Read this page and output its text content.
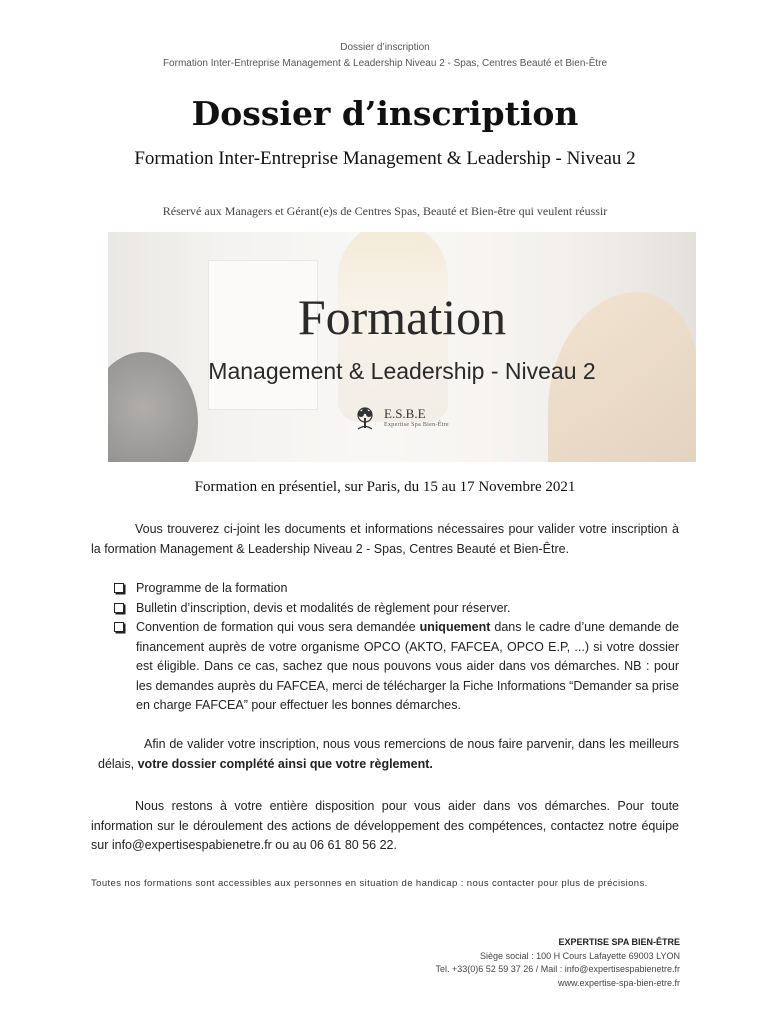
Dossier d’inscription
Formation Inter-Entreprise Management & Leadership Niveau 2 - Spas, Centres Beauté et Bien-Être
Dossier d’inscription
Formation Inter-Entreprise Management & Leadership - Niveau 2
Réservé aux Managers et Gérant(e)s de Centres Spas, Beauté et Bien-être qui veulent réussir
Formation
Management & Leadership - Niveau 2
E.S.B.E
Expertise Spa Bien-Être
Formation en présentiel, sur Paris, du 15 au 17 Novembre 2021

Vous trouverez ci-joint les documents et informations nécessaires pour valider votre inscription à la formation Management & Leadership Niveau 2 - Spas, Centres Beauté et Bien-Être.

Programme de la formation
Bulletin d’inscription, devis et modalités de règlement pour réserver.
Convention de formation qui vous sera demandée uniquement dans le cadre d’une demande de financement auprès de votre organisme OPCO (AKTO, FAFCEA, OPCO E.P, ...) si votre dossier est éligible. Dans ce cas, sachez que nous pouvons vous aider dans vos démarches. NB : pour les demandes auprès du FAFCEA, merci de télécharger la Fiche Informations “Demander sa prise en charge FAFCEA” pour effectuer les bonnes démarches.

Afin de valider votre inscription, nous vous remercions de nous faire parvenir, dans les meilleurs délais, votre dossier complété ainsi que votre règlement.

Nous restons à votre entière disposition pour vous aider dans vos démarches. Pour toute information sur le déroulement des actions de développement des compétences, contactez notre équipe sur info@expertisespabienetre.fr ou au 06 61 80 56 22.

Toutes nos formations sont accessibles aux personnes en situation de handicap : nous contacter pour plus de précisions.

EXPERTISE SPA BIEN-ÊTRE
Siège social : 100 H Cours Lafayette 69003 LYON
Tel. +33(0)6 52 59 37 26 / Mail : info@expertisespabienetre.fr
www.expertise-spa-bien-etre.fr
